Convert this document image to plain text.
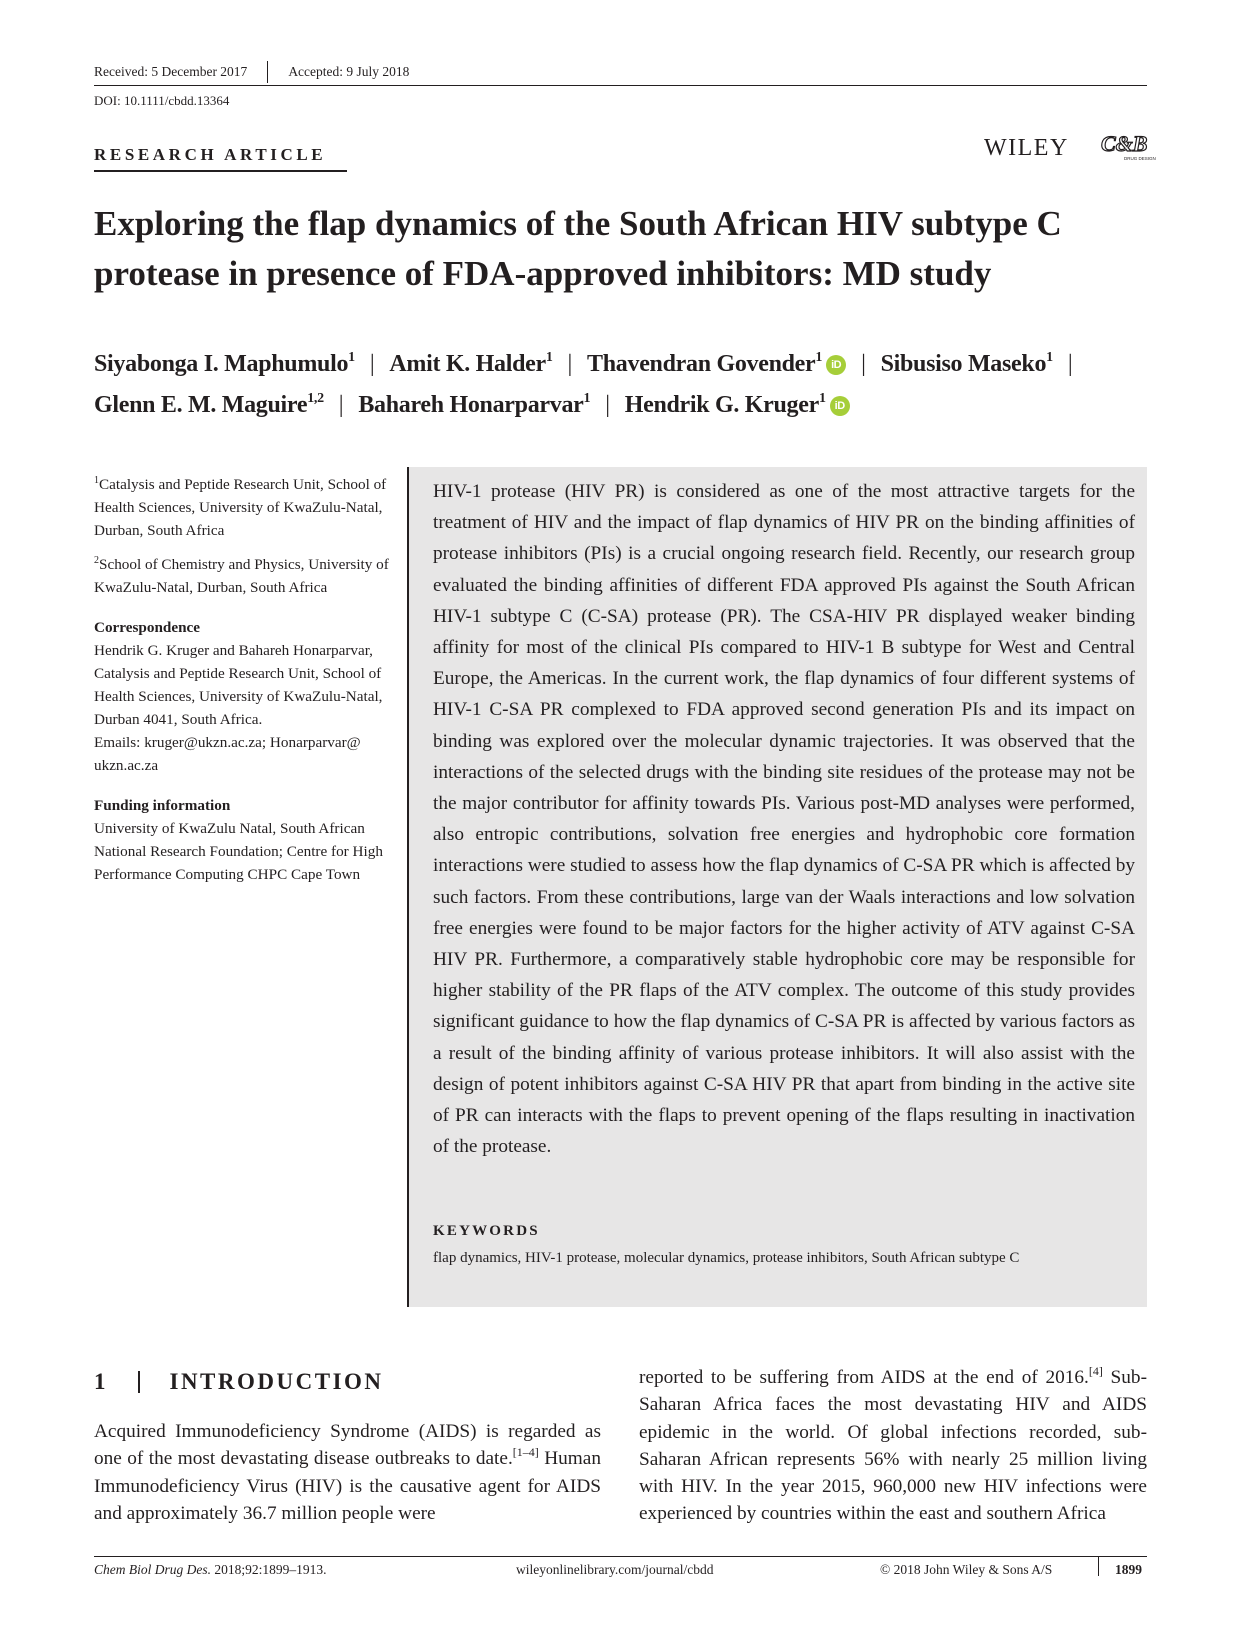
Received: 5 December 2017	Accepted: 9 July 2018
DOI: 10.1111/cbdd.13364
RESEARCH ARTICLE	WILEY C&B
DRUG DESIGN
Exploring the flap dynamics of the South African HIV subtype C protease in presence of FDA-approved inhibitors: MD study
Siyabonga I. Maphumulo$^1$ | Amit K. Halder$^1$ | Thavendran Govender$^1$ iD | Sibusiso Maseko$^1$ |
Glenn E. M. Maguire$^{1,2}$ | Bahareh Honarparvar$^1$ | Hendrik G. Kruger$^1$ iD

$^1$Catalysis and Peptide Research Unit, School of Health Sciences, University of KwaZulu-Natal, Durban, South Africa

$^2$School of Chemistry and Physics, University of KwaZulu-Natal, Durban, South Africa

Correspondence

Hendrik G. Kruger and Bahareh Honarparvar, Catalysis and Peptide Research Unit, School of Health Sciences, University of KwaZulu-Natal, Durban 4041, South Africa.

Emails: kruger@ukzn.ac.za; Honarparvar@ ukzn.ac.za

Funding information

University of KwaZulu Natal, South African National Research Foundation; Centre for High Performance Computing CHPC Cape Town

HIV-1 protease (HIV PR) is considered as one of the most attractive targets for the treatment of HIV and the impact of flap dynamics of HIV PR on the binding affinities of protease inhibitors (PIs) is a crucial ongoing research field. Recently, our research group evaluated the binding affinities of different FDA approved PIs against the South African HIV-1 subtype C (C-SA) protease (PR). The CSA-HIV PR displayed weaker binding affinity for most of the clinical PIs compared to HIV-1 B subtype for West and Central Europe, the Americas. In the current work, the flap dynamics of four different systems of HIV-1 C-SA PR complexed to FDA approved second generation PIs and its impact on binding was explored over the molecular dynamic trajectories. It was observed that the interactions of the selected drugs with the binding site residues of the protease may not be the major contributor for affinity towards PIs. Various post-MD analyses were performed, also entropic contributions, solvation free energies and hydrophobic core formation interactions were studied to assess how the flap dynamics of C-SA PR which is affected by such factors. From these contributions, large van der Waals interactions and low solvation free energies were found to be major factors for the higher activity of ATV against C-SA HIV PR. Furthermore, a comparatively stable hydrophobic core may be responsible for higher stability of the PR flaps of the ATV complex. The outcome of this study provides significant guidance to how the flap dynamics of C-SA PR is affected by various factors as a result of the binding affinity of various protease inhibitors. It will also assist with the design of potent inhibitors against C-SA HIV PR that apart from binding in the active site of PR can interacts with the flaps to prevent opening of the flaps resulting in inactivation of the protease.

KEYWORDS
flap dynamics, HIV-1 protease, molecular dynamics, protease inhibitors, South African subtype C
1	INTRODUCTION

Acquired Immunodeficiency Syndrome (AIDS) is regarded as one of the most devastating disease outbreaks to date.[1–4] Human Immunodeficiency Virus (HIV) is the causative agent for AIDS and approximately 36.7 million people were

reported to be suffering from AIDS at the end of 2016.[4] Sub-Saharan Africa faces the most devastating HIV and AIDS epidemic in the world. Of global infections recorded, sub-Saharan African represents 56% with nearly 25 million living with HIV. In the year 2015, 960,000 new HIV infections were experienced by countries within the east and southern Africa

Chem Biol Drug Des. 2018;92:1899–1913.	wileyonlinelibrary.com/journal/cbdd	© 2018 John Wiley & Sons A/S	1899
